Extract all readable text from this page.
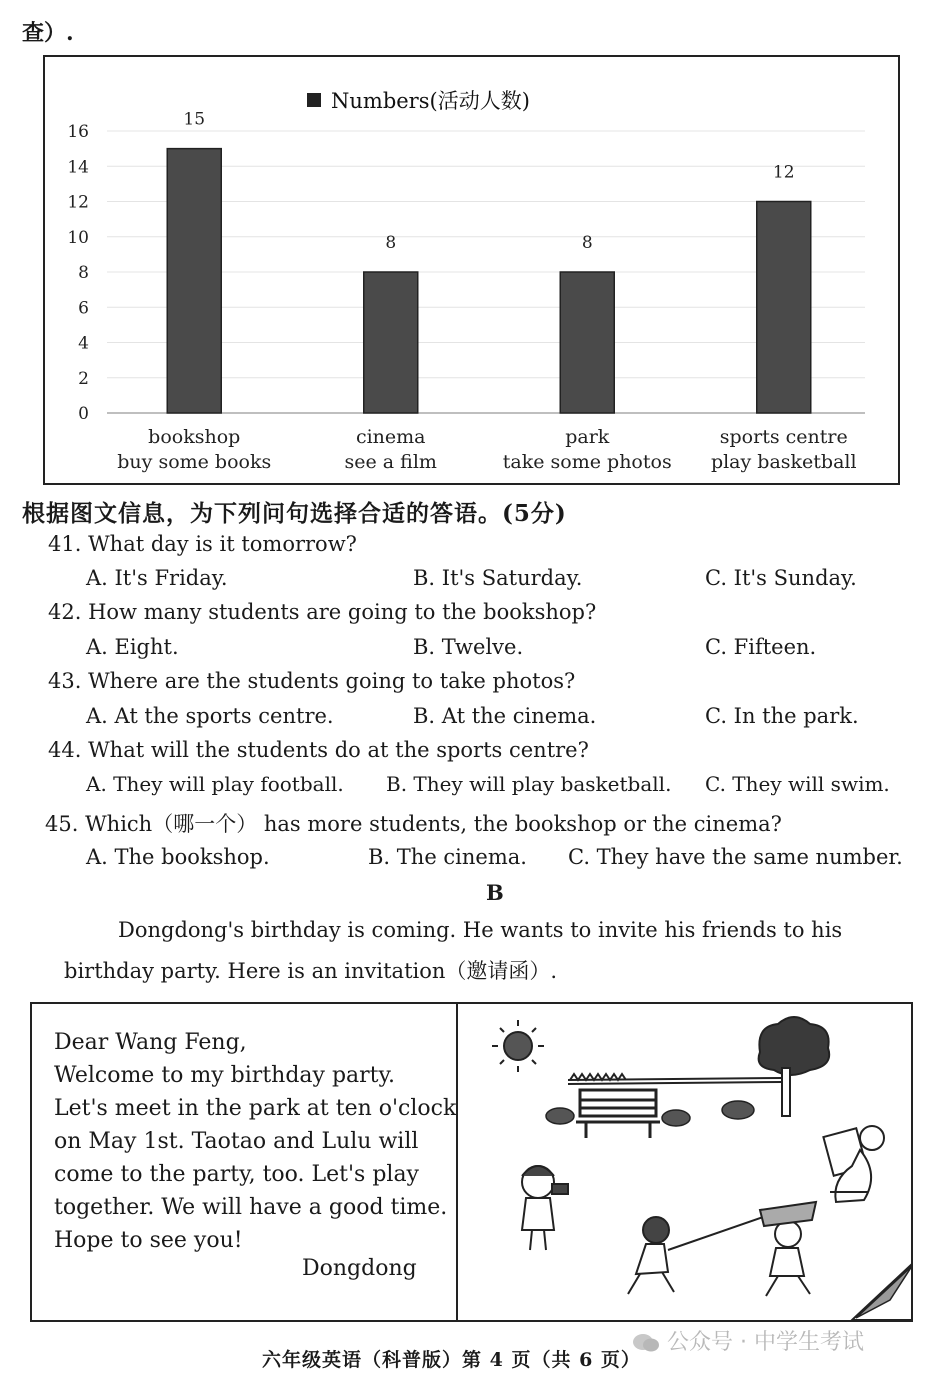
查）.
0
2
4
6
8
10
12
14
16
15
bookshop
buy some books
8
cinema
see a film
8
park
take some photos
12
sports centre
play basketball
Numbers(活动人数)
根据图文信息，为下列问句选择合适的答语。(5分)
41. What day is it tomorrow?
A. It's Friday.	B. It's Saturday.	C. It's Sunday.
42. How many students are going to the bookshop?
A. Eight.	B. Twelve.	C. Fifteen.
43. Where are the students going to take photos?
A. At the sports centre.	B. At the cinema.	C. In the park.
44. What will the students do at the sports centre?
A. They will play football. B. They will play basketball. C. They will swim.
45. Which（哪一个） has more students, the bookshop or the cinema?
A. The bookshop.	B. The cinema. C. They have the same number.
B
Dongdong's birthday is coming. He wants to invite his friends to his
birthday party. Here is an invitation（邀请函）.
Dear Wang Feng,
Welcome to my birthday party.
Let's meet in the park at ten o'clock
on May 1st. Taotao and Lulu will
come to the party, too. Let's play
together. We will have a good time.
Hope to see you!
Dongdong
六年级英语（科普版）第 4 页（共 6 页）
公众号 · 中学生考试
